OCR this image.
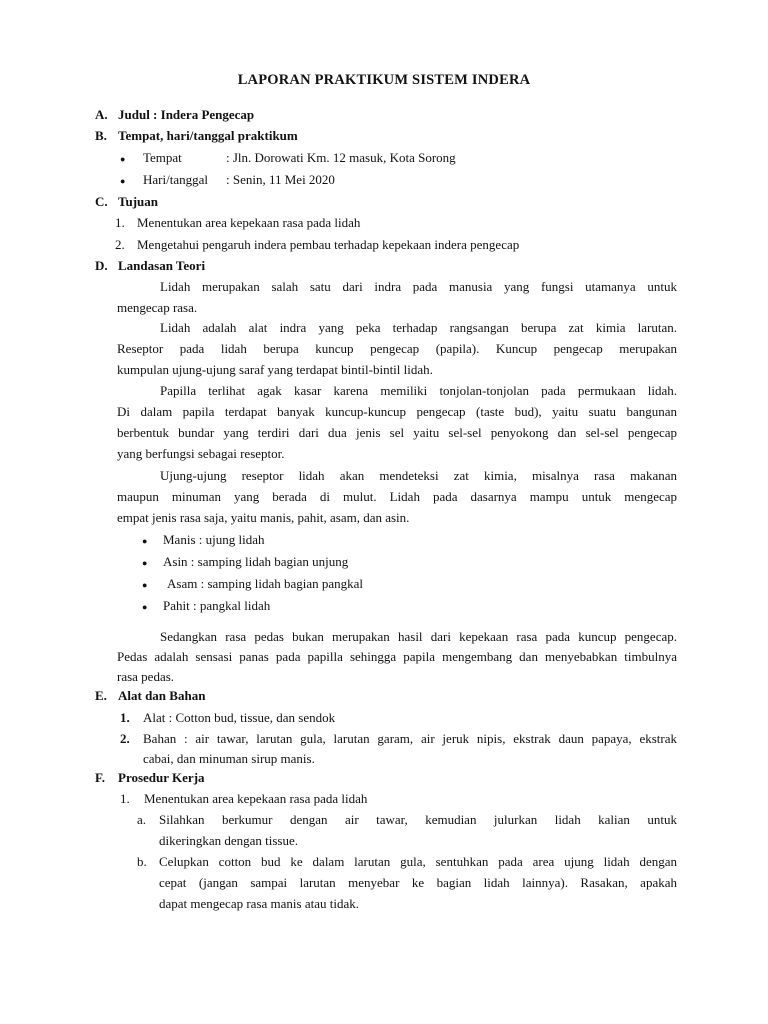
LAPORAN PRAKTIKUM SISTEM INDERA
A. Judul : Indera Pengecap
B. Tempat, hari/tanggal praktikum
● Tempat	: Jln. Dorowati Km. 12 masuk, Kota Sorong
● Hari/tanggal : Senin, 11 Mei 2020
C. Tujuan
1. Menentukan area kepekaan rasa pada lidah
2. Mengetahui pengaruh indera pembau terhadap kepekaan indera pengecap
D. Landasan Teori
Lidah merupakan salah satu dari indra pada manusia yang fungsi utamanya untuk
mengecap rasa.
Lidah adalah alat indra yang peka terhadap rangsangan berupa zat kimia larutan.
Reseptor pada lidah berupa kuncup pengecap (papila). Kuncup pengecap merupakan
kumpulan ujung-ujung saraf yang terdapat bintil-bintil lidah.
Papilla terlihat agak kasar karena memiliki tonjolan-tonjolan pada permukaan lidah.
Di dalam papila terdapat banyak kuncup-kuncup pengecap (taste bud), yaitu suatu bangunan
berbentuk bundar yang terdiri dari dua jenis sel yaitu sel-sel penyokong dan sel-sel pengecap
yang berfungsi sebagai reseptor.
Ujung-ujung reseptor lidah akan mendeteksi zat kimia, misalnya rasa makanan
maupun minuman yang berada di mulut. Lidah pada dasarnya mampu untuk mengecap
empat jenis rasa saja, yaitu manis, pahit, asam, dan asin.
● Manis : ujung lidah
● Asin : samping lidah bagian unjung
● Asam : samping lidah bagian pangkal
● Pahit : pangkal lidah
Sedangkan rasa pedas bukan merupakan hasil dari kepekaan rasa pada kuncup pengecap.
Pedas adalah sensasi panas pada papilla sehingga papila mengembang dan menyebabkan timbulnya
rasa pedas.
E. Alat dan Bahan
1. Alat : Cotton bud, tissue, dan sendok
2. Bahan : air tawar, larutan gula, larutan garam, air jeruk nipis, ekstrak daun papaya, ekstrak
cabai, dan minuman sirup manis.
F. Prosedur Kerja
1. Menentukan area kepekaan rasa pada lidah
a. Silahkan berkumur dengan air tawar, kemudian julurkan lidah kalian untuk
dikeringkan dengan tissue.
b. Celupkan cotton bud ke dalam larutan gula, sentuhkan pada area ujung lidah dengan
cepat (jangan sampai larutan menyebar ke bagian lidah lainnya). Rasakan, apakah
dapat mengecap rasa manis atau tidak.
